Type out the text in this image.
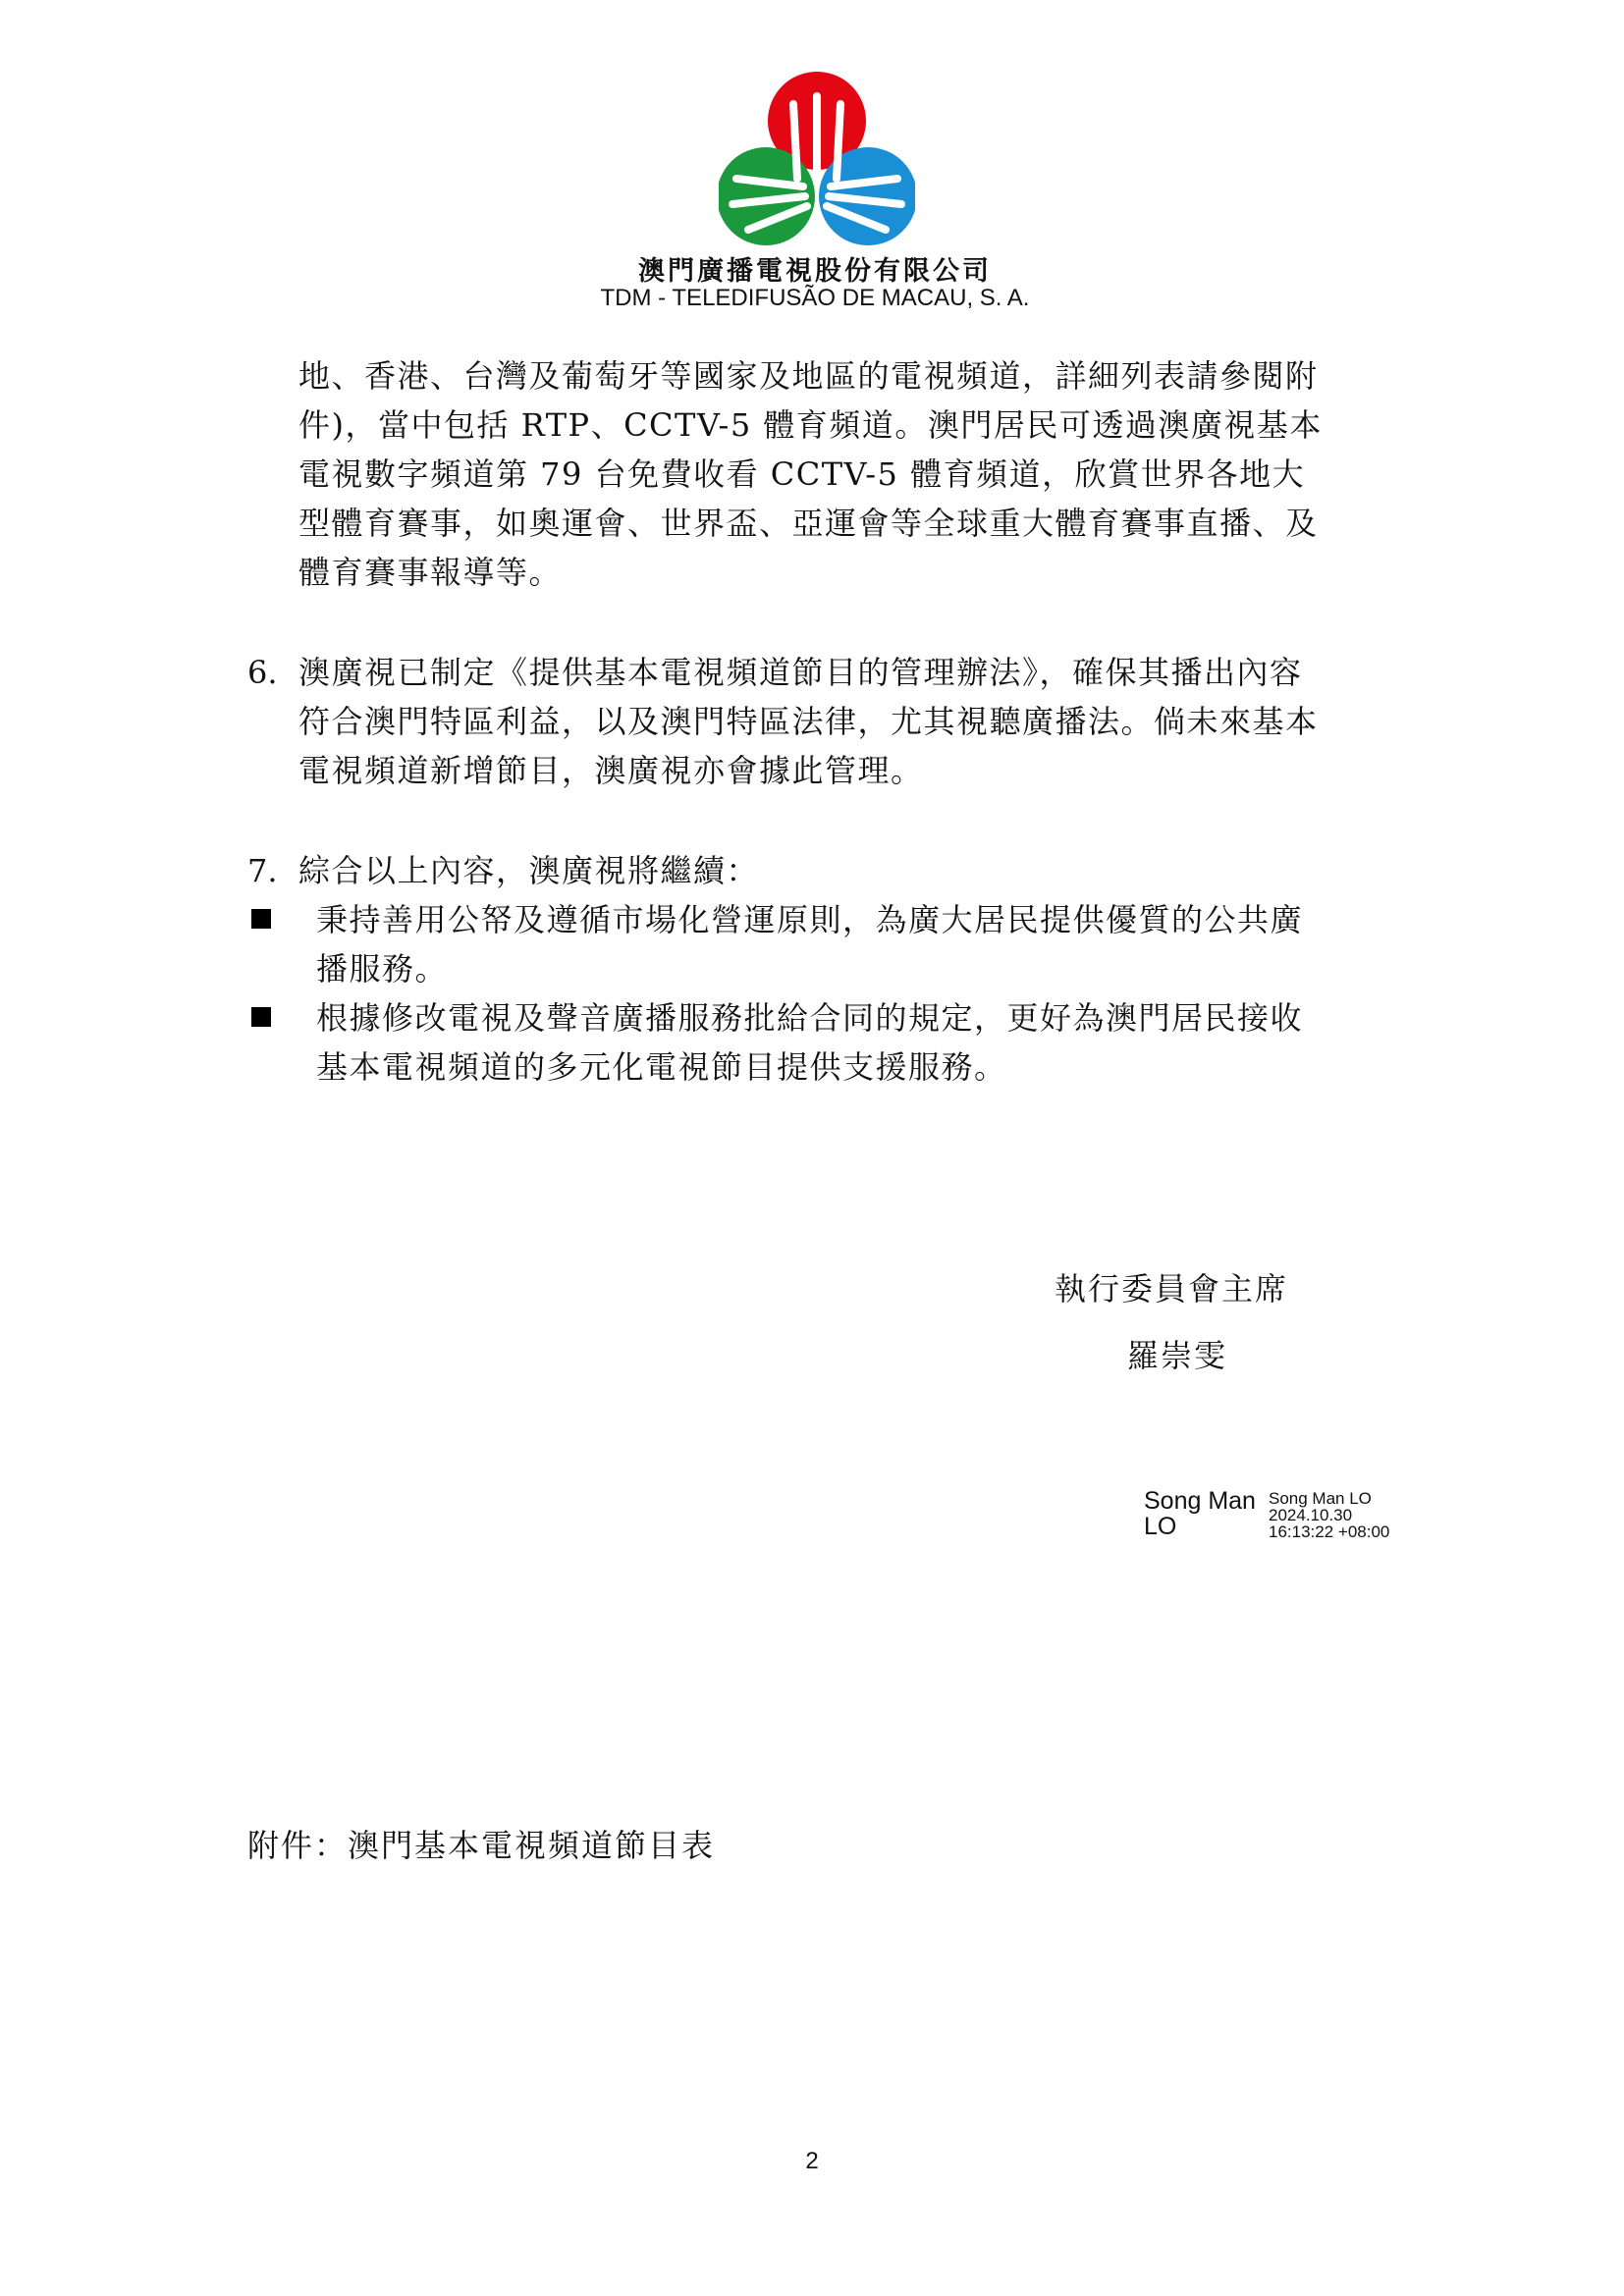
澳門廣播電視股份有限公司
TDM - TELEDIFUSÃO DE MACAU, S. A.
地、香港、台灣及葡萄牙等國家及地區的電視頻道，詳細列表請參閱附
件)，當中包括 RTP、CCTV-5 體育頻道。澳門居民可透過澳廣視基本
電視數字頻道第 79 台免費收看 CCTV-5 體育頻道，欣賞世界各地大
型體育賽事，如奧運會、世界盃、亞運會等全球重大體育賽事直播、及
體育賽事報導等。
6. 澳廣視已制定《提供基本電視頻道節目的管理辦法》，確保其播出內容
符合澳門特區利益，以及澳門特區法律，尤其視聽廣播法。倘未來基本
電視頻道新增節目，澳廣視亦會據此管理。
7. 綜合以上內容，澳廣視將繼續：
秉持善用公帑及遵循市場化營運原則，為廣大居民提供優質的公共廣
播服務。
根據修改電視及聲音廣播服務批給合同的規定，更好為澳門居民接收
基本電視頻道的多元化電視節目提供支援服務。
執行委員會主席
羅崇雯
Song Man
LO
Song Man LO
2024.10.30
16:13:22 +08:00
附件：澳門基本電視頻道節目表
2
